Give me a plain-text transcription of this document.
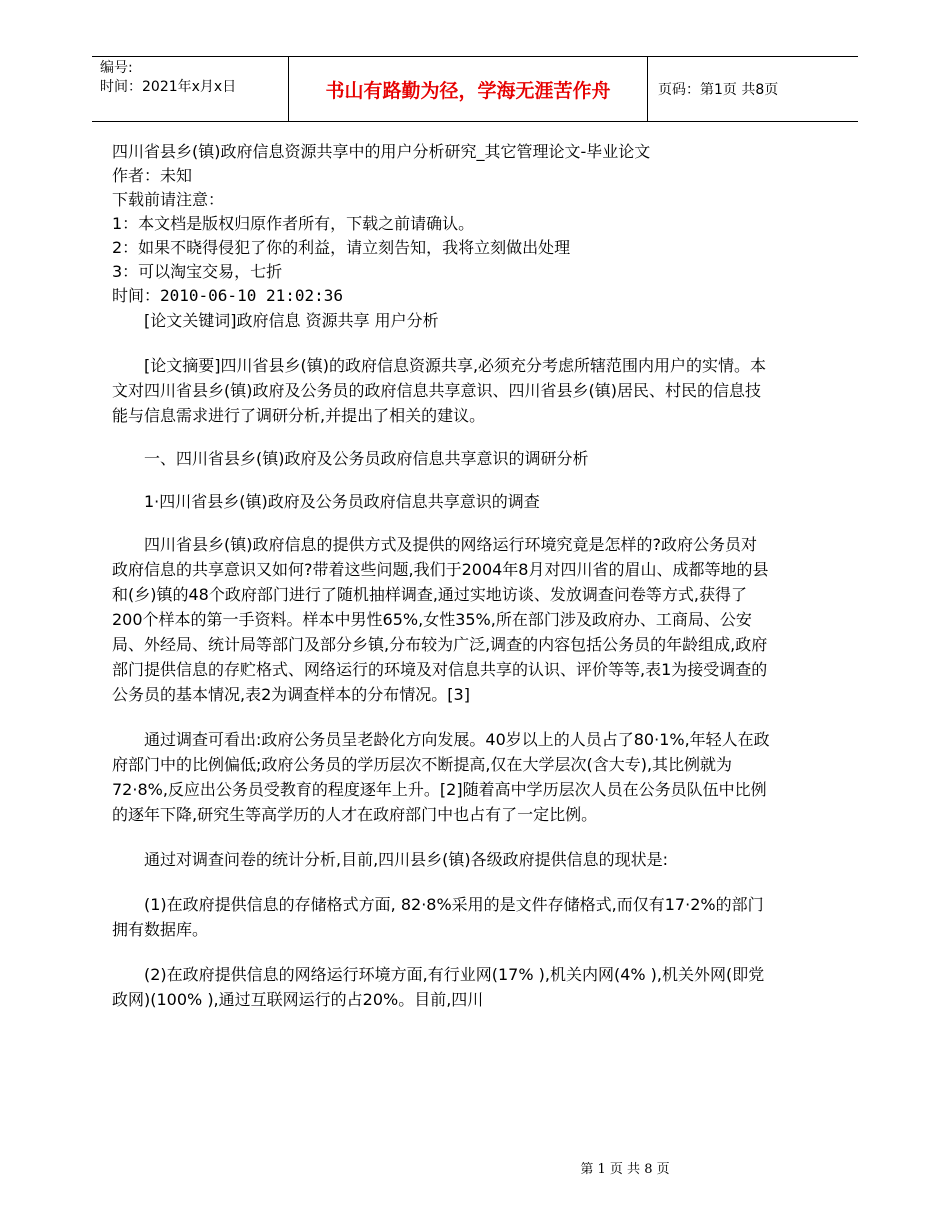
编号:
时间：2021年x月x日	书山有路勤为径，学海无涯苦作舟	页码：第1页 共8页
四川省县乡(镇)政府信息资源共享中的用户分析研究_其它管理论文-毕业论文
作者：未知
下载前请注意：
1：本文档是版权归原作者所有，下载之前请确认。
2：如果不晓得侵犯了你的利益，请立刻告知，我将立刻做出处理
3：可以淘宝交易，七折
时间：2010-06-10 21:02:36

[论文关键词]政府信息 资源共享 用户分析

[论文摘要]四川省县乡(镇)的政府信息资源共享,必须充分考虑所辖范围内用户的实情。本文对四川省县乡(镇)政府及公务员的政府信息共享意识、四川省县乡(镇)居民、村民的信息技能与信息需求进行了调研分析,并提出了相关的建议。

一、四川省县乡(镇)政府及公务员政府信息共享意识的调研分析

1·四川省县乡(镇)政府及公务员政府信息共享意识的调查

四川省县乡(镇)政府信息的提供方式及提供的网络运行环境究竟是怎样的?政府公务员对政府信息的共享意识又如何?带着这些问题,我们于2004年8月对四川省的眉山、成都等地的县和(乡)镇的48个政府部门进行了随机抽样调查,通过实地访谈、发放调查问卷等方式,获得了200个样本的第一手资料。样本中男性65%,女性35%,所在部门涉及政府办、工商局、公安局、外经局、统计局等部门及部分乡镇,分布较为广泛,调查的内容包括公务员的年龄组成,政府部门提供信息的存贮格式、网络运行的环境及对信息共享的认识、评价等等,表1为接受调查的公务员的基本情况,表2为调查样本的分布情况。[3]

通过调查可看出:政府公务员呈老龄化方向发展。40岁以上的人员占了80·1%,年轻人在政府部门中的比例偏低;政府公务员的学历层次不断提高,仅在大学层次(含大专),其比例就为72·8%,反应出公务员受教育的程度逐年上升。[2]随着高中学历层次人员在公务员队伍中比例的逐年下降,研究生等高学历的人才在政府部门中也占有了一定比例。

通过对调查问卷的统计分析,目前,四川县乡(镇)各级政府提供信息的现状是:

(1)在政府提供信息的存储格式方面, 82·8%采用的是文件存储格式,而仅有17·2%的部门拥有数据库。

(2)在政府提供信息的网络运行环境方面,有行业网(17% ),机关内网(4% ),机关外网(即党政网)(100% ),通过互联网运行的占20%。目前,四川

第 1 页 共 8 页
